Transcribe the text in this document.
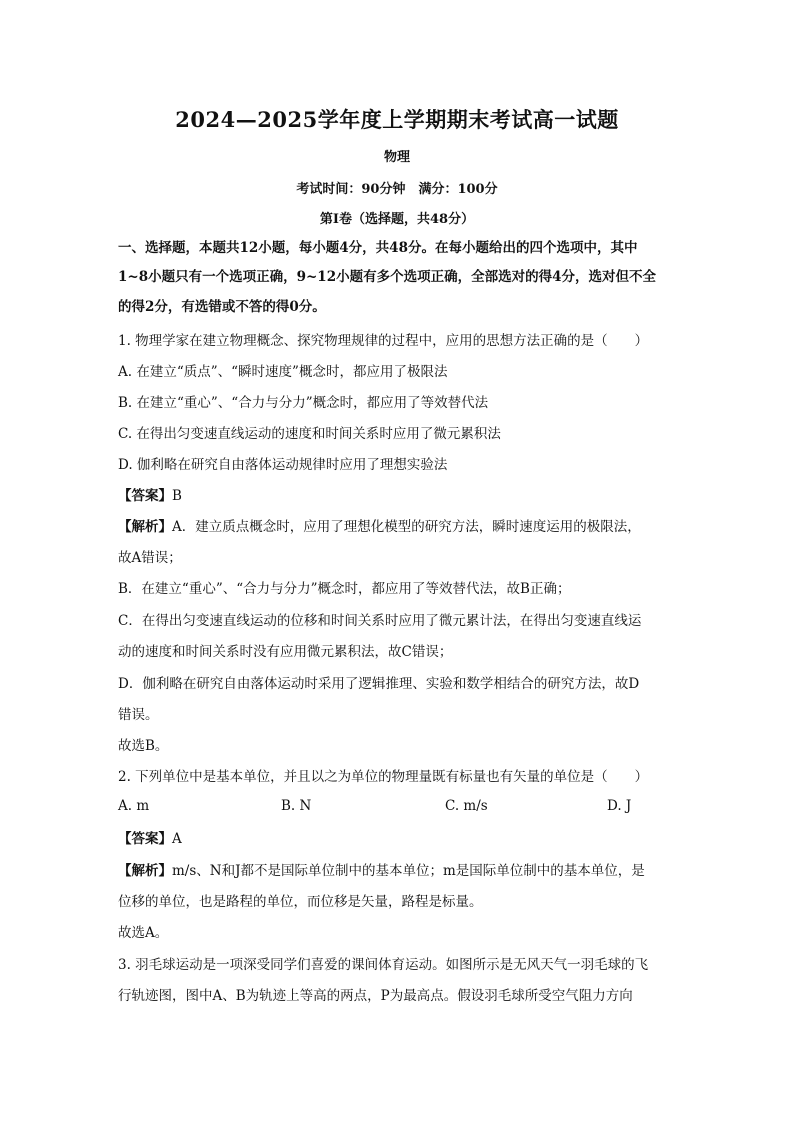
2024—2025学年度上学期期末考试高一试题
物理
考试时间：90分钟　满分：100分
第Ⅰ卷（选择题，共48分）
一、选择题，本题共12小题，每小题4分，共48分。在每小题给出的四个选项中，其中
1~8小题只有一个选项正确，9~12小题有多个选项正确，全部选对的得4分，选对但不全
的得2分，有选错或不答的得0分。
1. 物理学家在建立物理概念、探究物理规律的过程中，应用的思想方法正确的是（　　）
A. 在建立“质点”、“瞬时速度”概念时，都应用了极限法
B. 在建立“重心”、“合力与分力”概念时，都应用了等效替代法
C. 在得出匀变速直线运动的速度和时间关系时应用了微元累积法
D. 伽利略在研究自由落体运动规律时应用了理想实验法
【答案】B
【解析】A．建立质点概念时，应用了理想化模型的研究方法，瞬时速度运用的极限法，
故A错误；
B．在建立“重心”、“合力与分力”概念时，都应用了等效替代法，故B正确；
C．在得出匀变速直线运动的位移和时间关系时应用了微元累计法，在得出匀变速直线运
动的速度和时间关系时没有应用微元累积法，故C错误；
D．伽利略在研究自由落体运动时采用了逻辑推理、实验和数学相结合的研究方法，故D
错误。
故选B。
2. 下列单位中是基本单位，并且以之为单位的物理量既有标量也有矢量的单位是（　　）
A. m	B. N	C. m/s	D. J
【答案】A
【解析】m/s、N和J都不是国际单位制中的基本单位；m是国际单位制中的基本单位，是
位移的单位，也是路程的单位，而位移是矢量，路程是标量。
故选A。
3. 羽毛球运动是一项深受同学们喜爱的课间体育运动。如图所示是无风天气一羽毛球的飞
行轨迹图，图中A、B为轨迹上等高的两点，P为最高点。假设羽毛球所受空气阻力方向
